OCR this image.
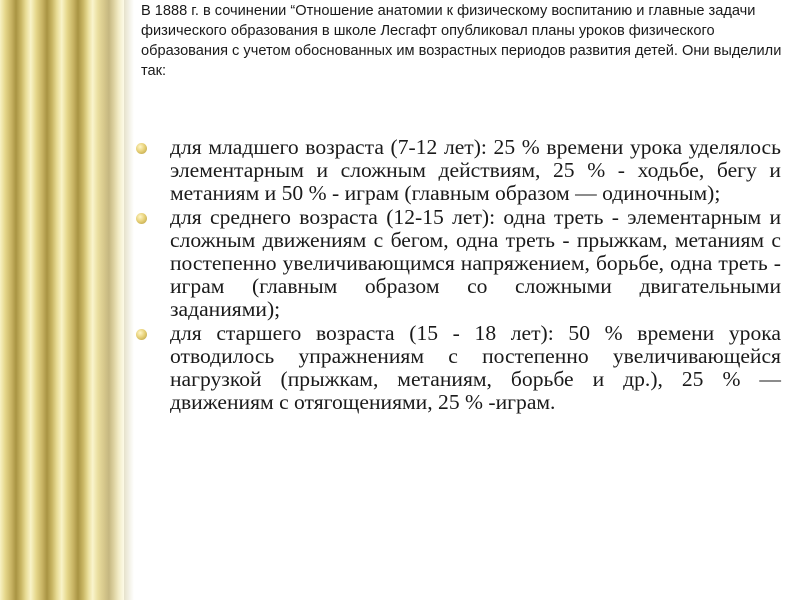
В 1888 г. в сочинении “Отношение анатомии к физическому воспитанию и главные задачи физического образования в школе Лесгафт опубликовал планы уроков физического образования с учетом обоснованных им возрастных периодов развития детей. Они выделили так:

для младшего возраста (7-12 лет): 25 % времени урока уделялось элементарным и сложным действиям, 25 % - ходьбе, бегу и метаниям и 50 % - играм (главным образом — одиночным);
для среднего возраста (12-15 лет): одна треть - элементарным и сложным движениям с бегом, одна треть - прыжкам, метаниям с постепенно увеличивающимся напряжением, борьбе, одна треть - играм (главным образом со сложными двигательными заданиями);
для старшего возраста (15 - 18 лет): 50 % времени урока отводилось упражнениям с постепенно увеличивающейся нагрузкой (прыжкам, метаниям, борьбе и др.), 25 % — движениям с отягощениями, 25 % -играм.
